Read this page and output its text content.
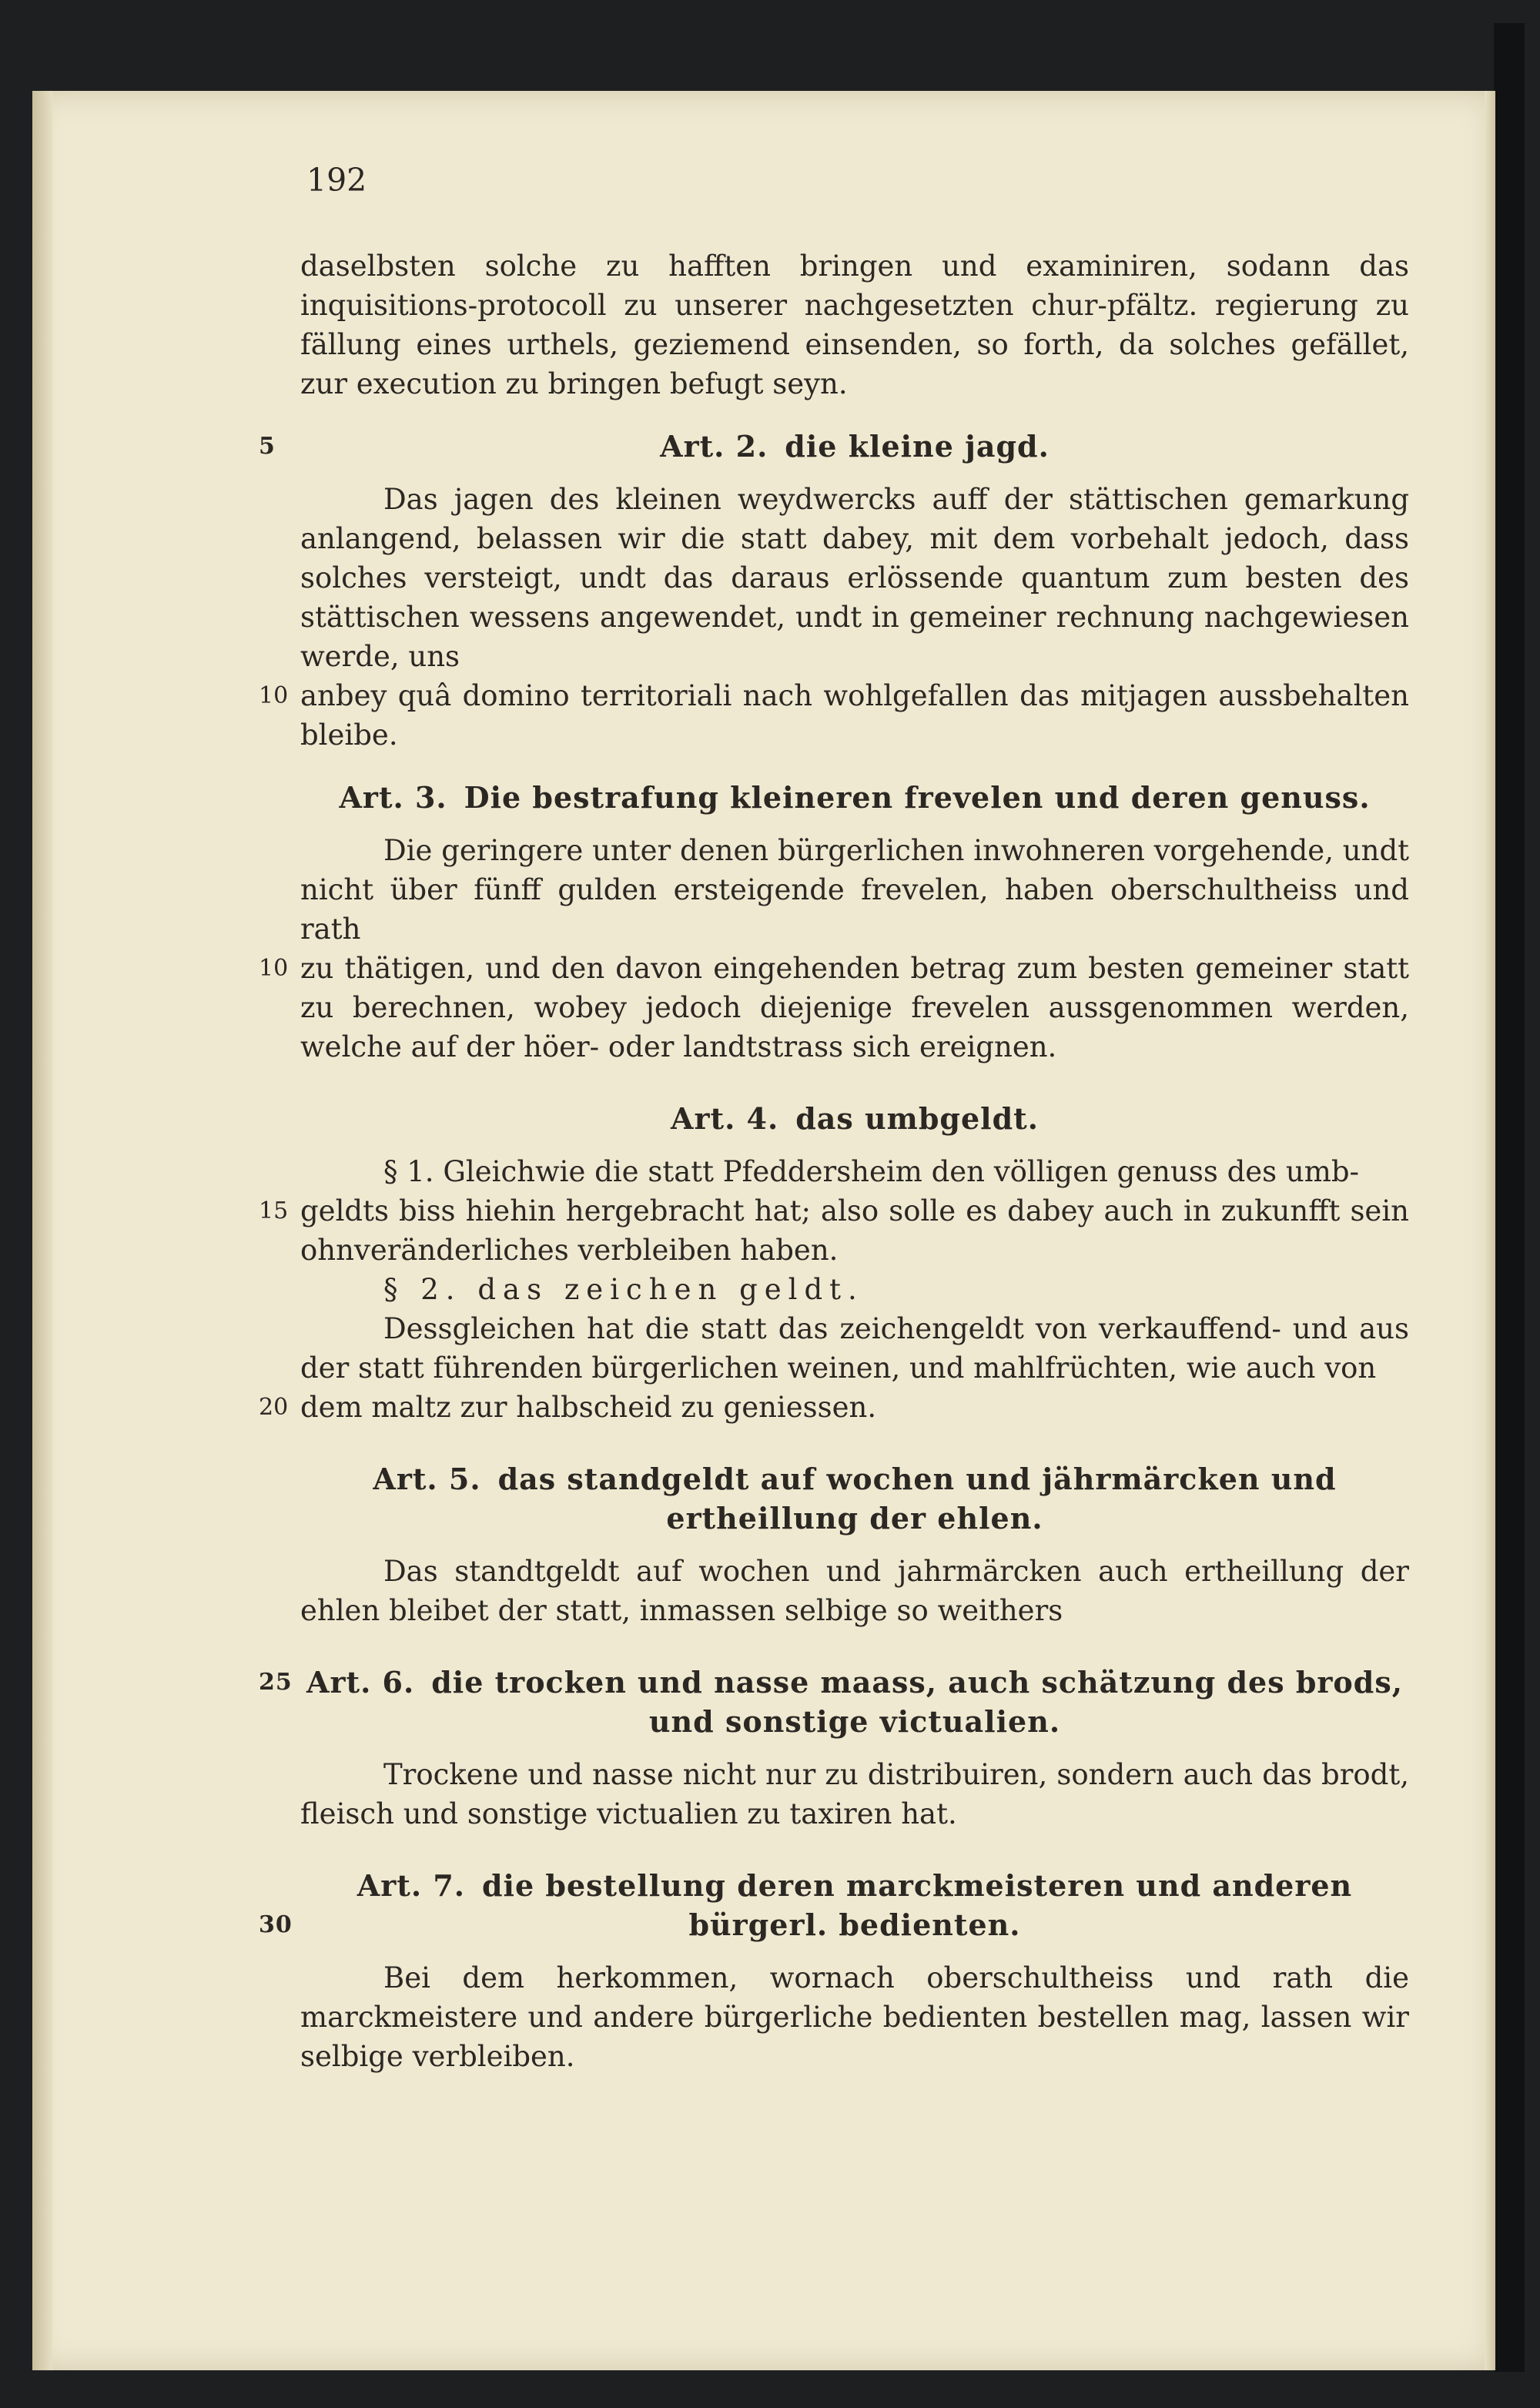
192

daselbsten solche zu hafften bringen und examiniren, sodann das inquisitions-protocoll zu unserer nachgesetzten chur-pfältz. regierung zu fällung eines urthels, geziemend einsenden, so forth, da solches gefället, zur execution zu bringen befugt seyn.

5	Art. 2. die kleine jagd.

Das jagen des kleinen weydwercks auff der stättischen gemarkung anlangend, belassen wir die statt dabey, mit dem vorbehalt jedoch, dass solches versteigt, undt das daraus erlössende quantum zum besten des stättischen wessens angewendet, undt in gemeiner rechnung nachgewiesen werde, uns

10 anbey quâ domino territoriali nach wohlgefallen das mitjagen aussbehalten bleibe.

Art. 3. Die bestrafung kleineren frevelen und deren genuss.

Die geringere unter denen bürgerlichen inwohneren vorgehende, undt nicht über fünff gulden ersteigende frevelen, haben oberschultheiss und rath

10 zu thätigen, und den davon eingehenden betrag zum besten gemeiner statt zu berechnen, wobey jedoch diejenige frevelen aussgenommen werden, welche auf der höer- oder landtstrass sich ereignen.

Art. 4. das umbgeldt.

§ 1. Gleichwie die statt Pfeddersheim den völligen genuss des umb-

15 geldts biss hiehin hergebracht hat; also solle es dabey auch in zukunfft sein ohnveränderliches verbleiben haben.

§ 2. das zeichen geldt.

Dessgleichen hat die statt das zeichengeldt von verkauffend- und aus der statt führenden bürgerlichen weinen, und mahlfrüchten, wie auch von

20 dem maltz zur halbscheid zu geniessen.

Art. 5. das standgeldt auf wochen und jährmärcken und ertheillung der ehlen.

Das standtgeldt auf wochen und jahrmärcken auch ertheillung der ehlen bleibet der statt, inmassen selbige so weithers

25 Art. 6. die trocken und nasse maass, auch schätzung des brods, und sonstige victualien.

Trockene und nasse nicht nur zu distribuiren, sondern auch das brodt, fleisch und sonstige victualien zu taxiren hat.

30
Art. 7. die bestellung deren marckmeisteren und anderen bürgerl. bedienten.

Bei dem herkommen, wornach oberschultheiss und rath die marckmeistere und andere bürgerliche bedienten bestellen mag, lassen wir selbige verbleiben.
